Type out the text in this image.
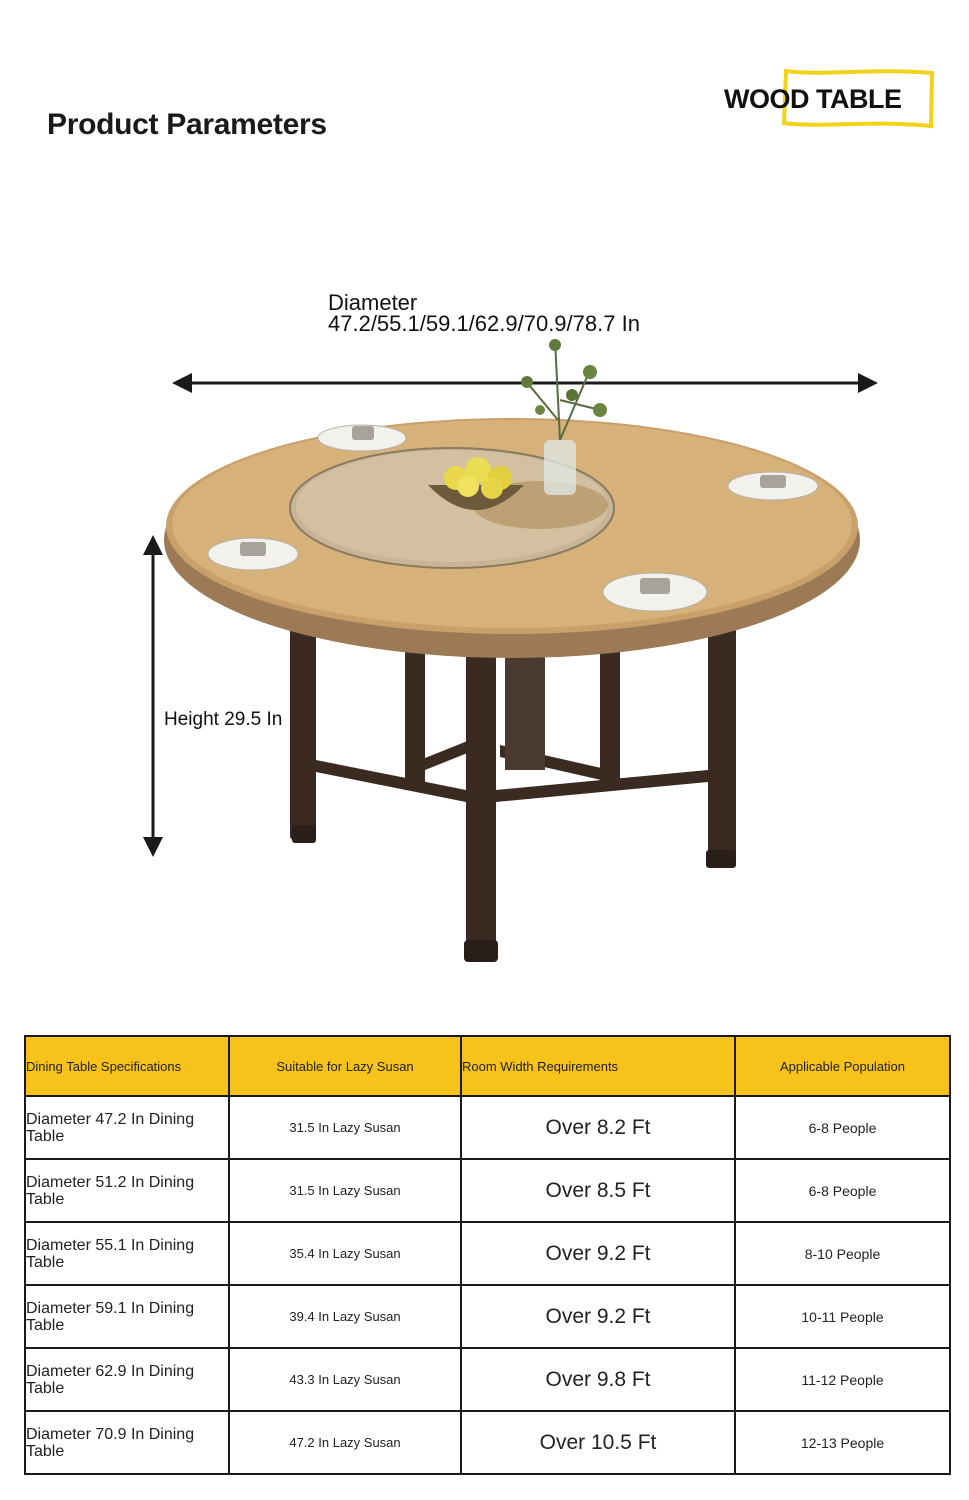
Product Parameters
WOOD TABLE
Diameter
47.2/55.1/59.1/62.9/70.9/78.7 In
Height 29.5 In
Dining Table Specifications	Suitable for Lazy Susan	Room Width Requirements	Applicable Population
Diameter 47.2 In Dining Table	31.5 In Lazy Susan	Over 8.2 Ft	6-8 People
Diameter 51.2 In Dining Table	31.5 In Lazy Susan	Over 8.5 Ft	6-8 People
Diameter 55.1 In Dining Table	35.4 In Lazy Susan	Over 9.2 Ft	8-10 People
Diameter 59.1 In Dining Table	39.4 In Lazy Susan	Over 9.2 Ft	10-11 People
Diameter 62.9 In Dining Table	43.3 In Lazy Susan	Over 9.8 Ft	11-12 People
Diameter 70.9 In Dining Table	47.2 In Lazy Susan	Over 10.5 Ft	12-13 People
